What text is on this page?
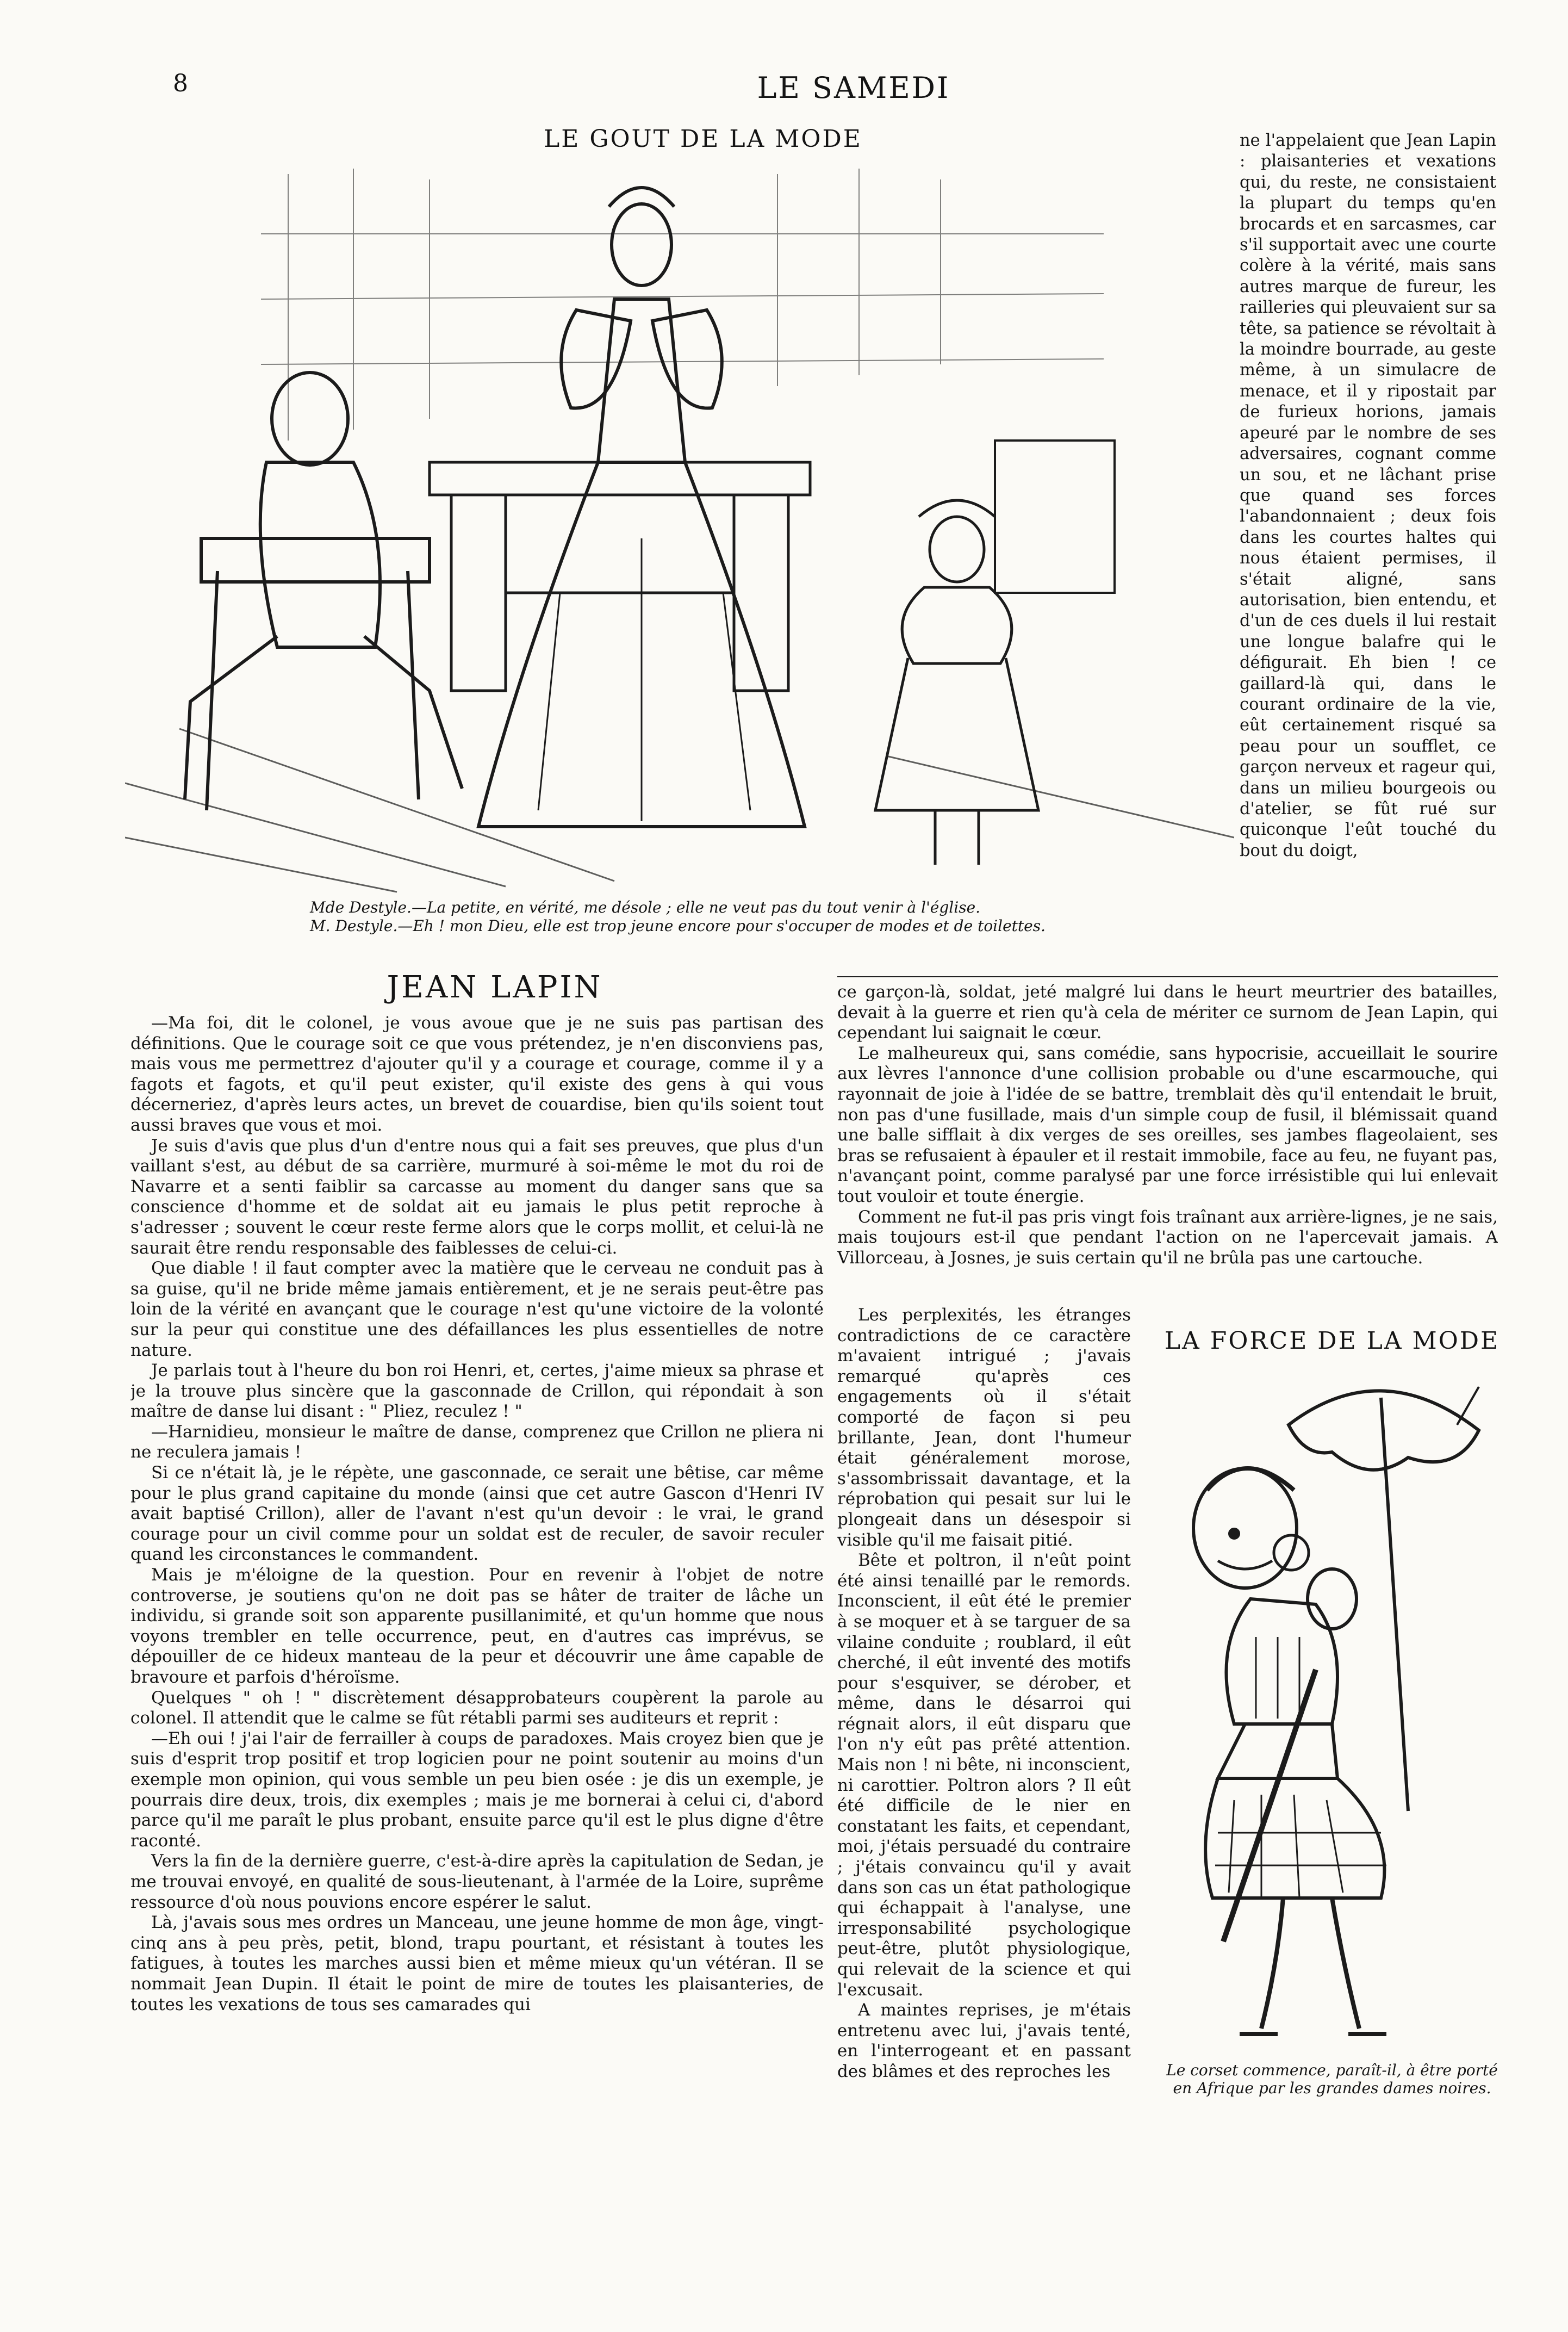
8	LE SAMEDI
LE GOUT DE LA MODE
Mde Destyle.—La petite, en vérité, me désole ; elle ne veut pas du tout venir à l'église.
M. Destyle.—Eh ! mon Dieu, elle est trop jeune encore pour s'occuper de modes et de toilettes.

ne l'appelaient que Jean Lapin : plaisanteries et vexations qui, du reste, ne consistaient la plupart du temps qu'en brocards et en sarcasmes, car s'il supportait avec une courte colère à la vérité, mais sans autres marque de fureur, les railleries qui pleuvaient sur sa tête, sa patience se révoltait à la moindre bourrade, au geste même, à un simulacre de menace, et il y ripostait par de furieux horions, jamais apeuré par le nombre de ses adversaires, cognant comme un sou, et ne lâchant prise que quand ses forces l'abandonnaient ; deux fois dans les courtes haltes qui nous étaient permises, il s'était aligné, sans autorisation, bien entendu, et d'un de ces duels il lui restait une longue balafre qui le défigurait. Eh bien ! ce gaillard-là qui, dans le courant ordinaire de la vie, eût certainement risqué sa peau pour un soufflet, ce garçon nerveux et rageur qui, dans un milieu bourgeois ou d'atelier, se fût rué sur quiconque l'eût touché du bout du doigt,

JEAN LAPIN

—Ma foi, dit le colonel, je vous avoue que je ne suis pas partisan des définitions. Que le courage soit ce que vous prétendez, je n'en disconviens pas, mais vous me permettrez d'ajouter qu'il y a courage et courage, comme il y a fagots et fagots, et qu'il peut exister, qu'il existe des gens à qui vous décerneriez, d'après leurs actes, un brevet de couardise, bien qu'ils soient tout aussi braves que vous et moi.

Je suis d'avis que plus d'un d'entre nous qui a fait ses preuves, que plus d'un vaillant s'est, au début de sa carrière, murmuré à soi-même le mot du roi de Navarre et a senti faiblir sa carcasse au moment du danger sans que sa conscience d'homme et de soldat ait eu jamais le plus petit reproche à s'adresser ; souvent le cœur reste ferme alors que le corps mollit, et celui-là ne saurait être rendu responsable des faiblesses de celui-ci.

Que diable ! il faut compter avec la matière que le cerveau ne conduit pas à sa guise, qu'il ne bride même jamais entièrement, et je ne serais peut-être pas loin de la vérité en avançant que le courage n'est qu'une victoire de la volonté sur la peur qui constitue une des défaillances les plus essentielles de notre nature.

Je parlais tout à l'heure du bon roi Henri, et, certes, j'aime mieux sa phrase et je la trouve plus sincère que la gasconnade de Crillon, qui répondait à son maître de danse lui disant : " Pliez, reculez ! "

—Harnidieu, monsieur le maître de danse, comprenez que Crillon ne pliera ni ne reculera jamais !

Si ce n'était là, je le répète, une gasconnade, ce serait une bêtise, car même pour le plus grand capitaine du monde (ainsi que cet autre Gascon d'Henri IV avait baptisé Crillon), aller de l'avant n'est qu'un devoir : le vrai, le grand courage pour un civil comme pour un soldat est de reculer, de savoir reculer quand les circonstances le commandent.

Mais je m'éloigne de la question. Pour en revenir à l'objet de notre controverse, je soutiens qu'on ne doit pas se hâter de traiter de lâche un individu, si grande soit son apparente pusillanimité, et qu'un homme que nous voyons trembler en telle occurrence, peut, en d'autres cas imprévus, se dépouiller de ce hideux manteau de la peur et découvrir une âme capable de bravoure et parfois d'héroïsme.

Quelques " oh ! " discrètement désapprobateurs coupèrent la parole au colonel. Il attendit que le calme se fût rétabli parmi ses auditeurs et reprit :

—Eh oui ! j'ai l'air de ferrailler à coups de paradoxes. Mais croyez bien que je suis d'esprit trop positif et trop logicien pour ne point soutenir au moins d'un exemple mon opinion, qui vous semble un peu bien osée : je dis un exemple, je pourrais dire deux, trois, dix exemples ; mais je me bornerai à celui ci, d'abord parce qu'il me paraît le plus probant, ensuite parce qu'il est le plus digne d'être raconté.

Vers la fin de la dernière guerre, c'est-à-dire après la capitulation de Sedan, je me trouvai envoyé, en qualité de sous-lieutenant, à l'armée de la Loire, suprême ressource d'où nous pouvions encore espérer le salut.

Là, j'avais sous mes ordres un Manceau, une jeune homme de mon âge, vingt-cinq ans à peu près, petit, blond, trapu pourtant, et résistant à toutes les fatigues, à toutes les marches aussi bien et même mieux qu'un vétéran. Il se nommait Jean Dupin. Il était le point de mire de toutes les plaisanteries, de toutes les vexations de tous ses camarades qui

ce garçon-là, soldat, jeté malgré lui dans le heurt meurtrier des batailles, devait à la guerre et rien qu'à cela de mériter ce surnom de Jean Lapin, qui cependant lui saignait le cœur.

Le malheureux qui, sans comédie, sans hypocrisie, accueillait le sourire aux lèvres l'annonce d'une collision probable ou d'une escarmouche, qui rayonnait de joie à l'idée de se battre, tremblait dès qu'il entendait le bruit, non pas d'une fusillade, mais d'un simple coup de fusil, il blémissait quand une balle sifflait à dix verges de ses oreilles, ses jambes flageolaient, ses bras se refusaient à épauler et il restait immobile, face au feu, ne fuyant pas, n'avançant point, comme paralysé par une force irrésistible qui lui enlevait tout vouloir et toute énergie.

Comment ne fut-il pas pris vingt fois traînant aux arrière-lignes, je ne sais, mais toujours est-il que pendant l'action on ne l'apercevait jamais. A Villorceau, à Josnes, je suis certain qu'il ne brûla pas une cartouche.

Les perplexités, les étranges contradictions de ce caractère m'avaient intrigué ; j'avais remarqué qu'après ces engagements où il s'était comporté de façon si peu brillante, Jean, dont l'humeur était généralement morose, s'assombrissait davantage, et la réprobation qui pesait sur lui le plongeait dans un désespoir si visible qu'il me faisait pitié.

Bête et poltron, il n'eût point été ainsi tenaillé par le remords. Inconscient, il eût été le premier à se moquer et à se targuer de sa vilaine conduite ; roublard, il eût cherché, il eût inventé des motifs pour s'esquiver, se dérober, et même, dans le désarroi qui régnait alors, il eût disparu que l'on n'y eût pas prêté attention. Mais non ! ni bête, ni inconscient, ni carottier. Poltron alors ? Il eût été difficile de le nier en constatant les faits, et cependant, moi, j'étais persuadé du contraire ; j'étais convaincu qu'il y avait dans son cas un état pathologique qui échappait à l'analyse, une irresponsabilité psychologique peut-être, plutôt physiologique, qui relevait de la science et qui l'excusait.

A maintes reprises, je m'étais entretenu avec lui, j'avais tenté, en l'interrogeant et en passant des blâmes et des reproches les

LA FORCE DE LA MODE
Le corset commence, paraît-il, à être porté en Afrique par les grandes dames noires.
